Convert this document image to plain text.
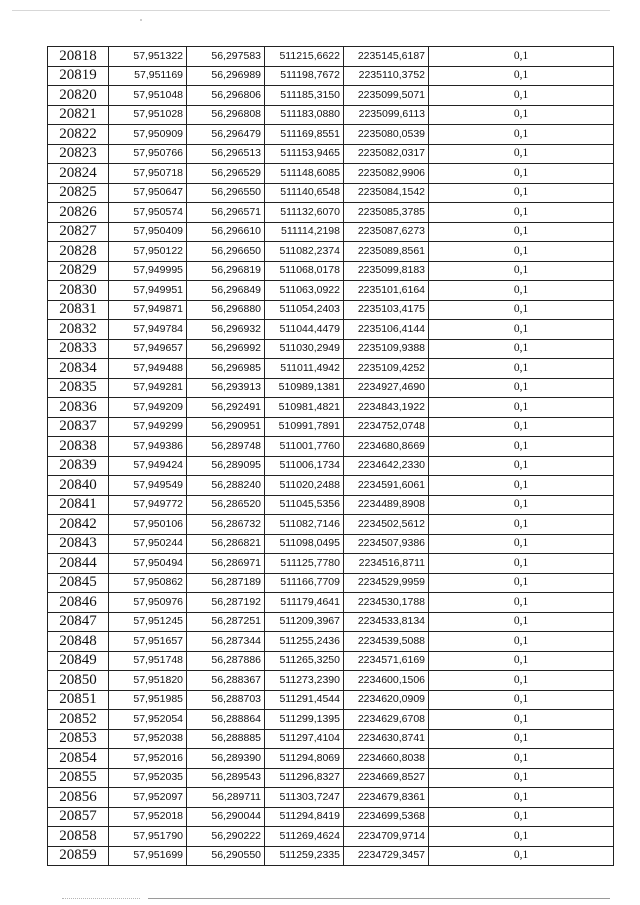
20818	57,951322	56,297583	511215,6622	2235145,6187	0,1
20819	57,951169	56,296989	511198,7672	2235110,3752	0,1
20820	57,951048	56,296806	511185,3150	2235099,5071	0,1
20821	57,951028	56,296808	511183,0880	2235099,6113	0,1
20822	57,950909	56,296479	511169,8551	2235080,0539	0,1
20823	57,950766	56,296513	511153,9465	2235082,0317	0,1
20824	57,950718	56,296529	511148,6085	2235082,9906	0,1
20825	57,950647	56,296550	511140,6548	2235084,1542	0,1
20826	57,950574	56,296571	511132,6070	2235085,3785	0,1
20827	57,950409	56,296610	511114,2198	2235087,6273	0,1
20828	57,950122	56,296650	511082,2374	2235089,8561	0,1
20829	57,949995	56,296819	511068,0178	2235099,8183	0,1
20830	57,949951	56,296849	511063,0922	2235101,6164	0,1
20831	57,949871	56,296880	511054,2403	2235103,4175	0,1
20832	57,949784	56,296932	511044,4479	2235106,4144	0,1
20833	57,949657	56,296992	511030,2949	2235109,9388	0,1
20834	57,949488	56,296985	511011,4942	2235109,4252	0,1
20835	57,949281	56,293913	510989,1381	2234927,4690	0,1
20836	57,949209	56,292491	510981,4821	2234843,1922	0,1
20837	57,949299	56,290951	510991,7891	2234752,0748	0,1
20838	57,949386	56,289748	511001,7760	2234680,8669	0,1
20839	57,949424	56,289095	511006,1734	2234642,2330	0,1
20840	57,949549	56,288240	511020,2488	2234591,6061	0,1
20841	57,949772	56,286520	511045,5356	2234489,8908	0,1
20842	57,950106	56,286732	511082,7146	2234502,5612	0,1
20843	57,950244	56,286821	511098,0495	2234507,9386	0,1
20844	57,950494	56,286971	511125,7780	2234516,8711	0,1
20845	57,950862	56,287189	511166,7709	2234529,9959	0,1
20846	57,950976	56,287192	511179,4641	2234530,1788	0,1
20847	57,951245	56,287251	511209,3967	2234533,8134	0,1
20848	57,951657	56,287344	511255,2436	2234539,5088	0,1
20849	57,951748	56,287886	511265,3250	2234571,6169	0,1
20850	57,951820	56,288367	511273,2390	2234600,1506	0,1
20851	57,951985	56,288703	511291,4544	2234620,0909	0,1
20852	57,952054	56,288864	511299,1395	2234629,6708	0,1
20853	57,952038	56,288885	511297,4104	2234630,8741	0,1
20854	57,952016	56,289390	511294,8069	2234660,8038	0,1
20855	57,952035	56,289543	511296,8327	2234669,8527	0,1
20856	57,952097	56,289711	511303,7247	2234679,8361	0,1
20857	57,952018	56,290044	511294,8419	2234699,5368	0,1
20858	57,951790	56,290222	511269,4624	2234709,9714	0,1
20859	57,951699	56,290550	511259,2335	2234729,3457	0,1
